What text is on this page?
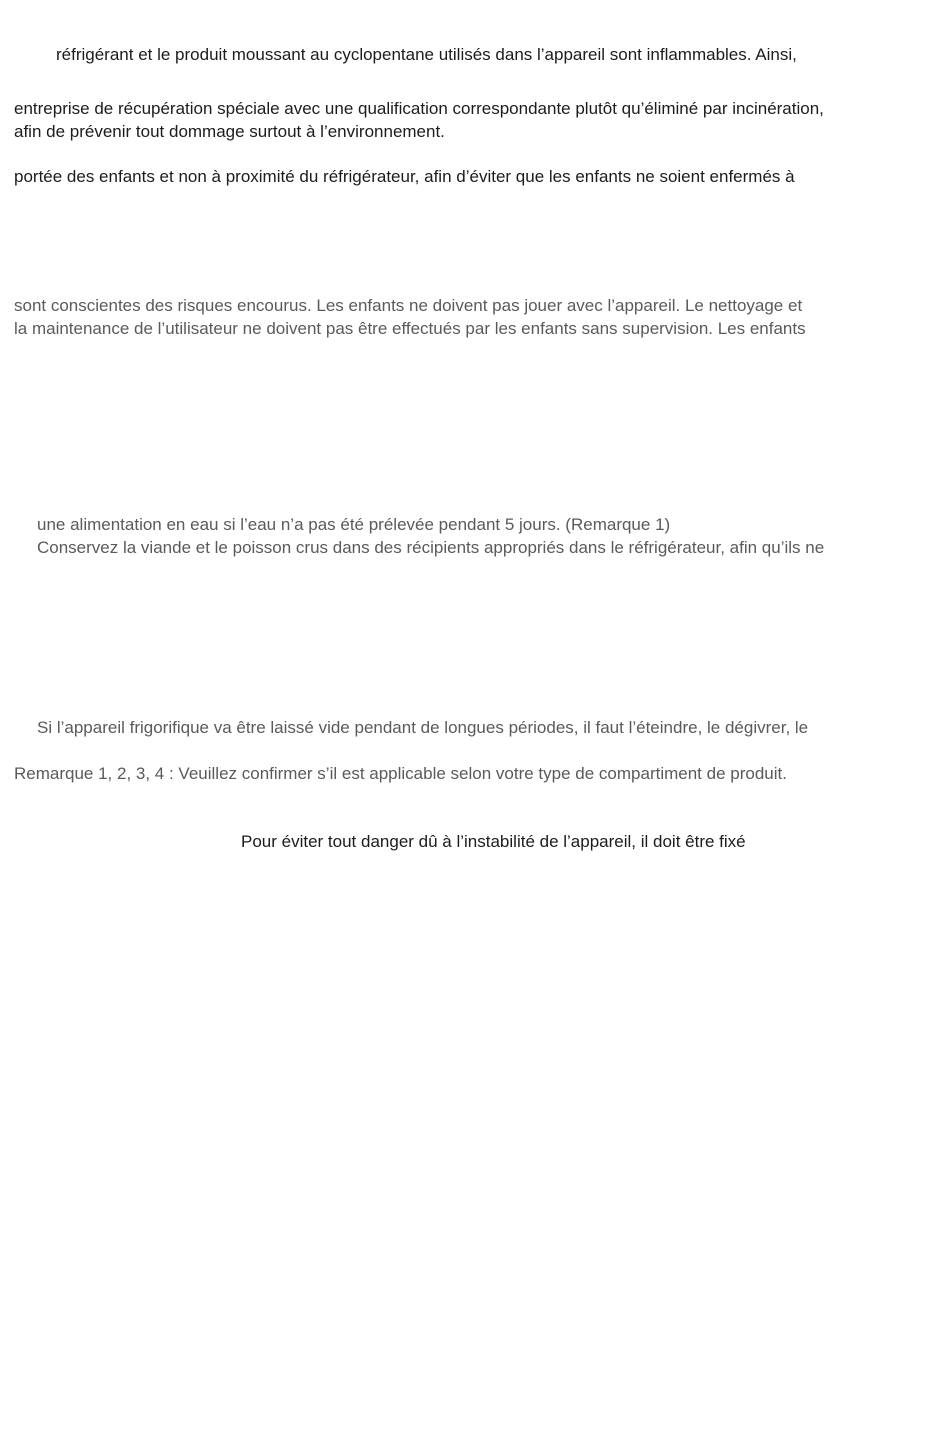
réfrigérant et le produit moussant au cyclopentane utilisés dans l’appareil sont inflammables. Ainsi,

entreprise de récupération spéciale avec une qualification correspondante plutôt qu’éliminé par incinération,

afin de prévenir tout dommage surtout à l’environnement.

portée des enfants et non à proximité du réfrigérateur, afin d’éviter que les enfants ne soient enfermés à

sont conscientes des risques encourus. Les enfants ne doivent pas jouer avec l’appareil. Le nettoyage et

la maintenance de l’utilisateur ne doivent pas être effectués par les enfants sans supervision. Les enfants

une alimentation en eau si l’eau n’a pas été prélevée pendant 5 jours. (Remarque 1)

Conservez la viande et le poisson crus dans des récipients appropriés dans le réfrigérateur, afin qu’ils ne

Si l’appareil frigorifique va être laissé vide pendant de longues périodes, il faut l’éteindre, le dégivrer, le

Remarque 1, 2, 3, 4 : Veuillez confirmer s’il est applicable selon votre type de compartiment de produit.

Pour éviter tout danger dû à l’instabilité de l’appareil, il doit être fixé
